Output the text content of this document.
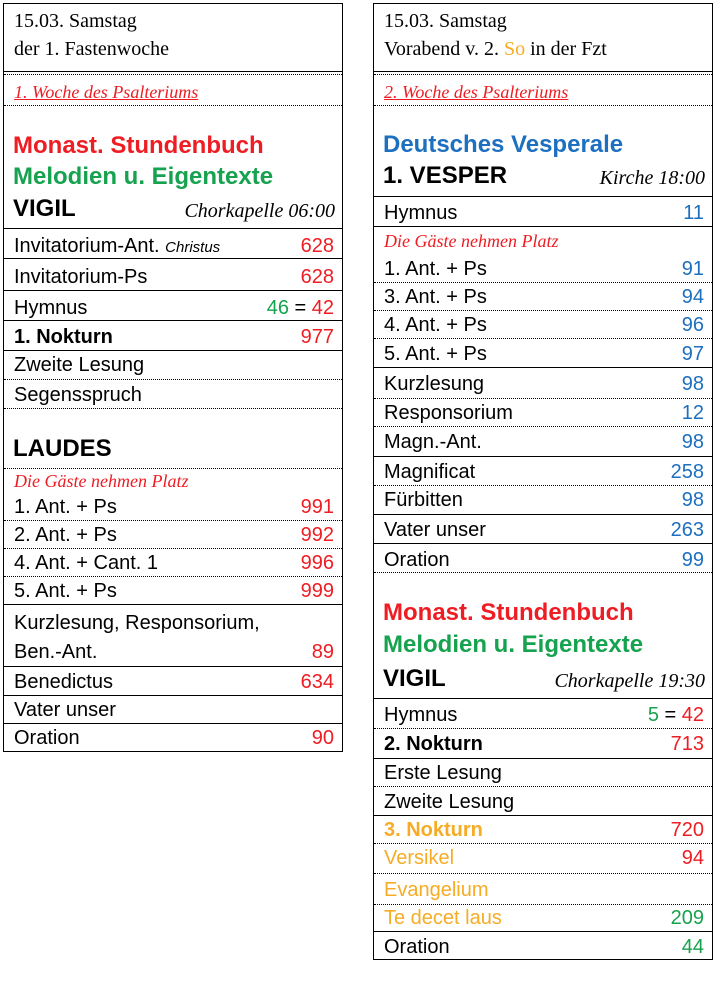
15.03. Samstag
der 1. Fastenwoche
1. Woche des Psalteriums
Monast. Stundenbuch
Melodien u. Eigentexte
VIGIL	Chorkapelle 06:00
Invitatorium-Ant. Christus	628
Invitatorium-Ps	628
Hymnus	46 = 42
1. Nokturn	977
Zweite Lesung
Segensspruch
LAUDES
Die Gäste nehmen Platz
1. Ant. + Ps	991
2. Ant. + Ps	992
4. Ant. + Cant. 1	996
5. Ant. + Ps	999
Kurzlesung, Responsorium,
Ben.-Ant.	89
Benedictus	634
Vater unser
Oration	90
15.03. Samstag
Vorabend v. 2. So in der Fzt
2. Woche des Psalteriums
Deutsches Vesperale
1. VESPER	Kirche 18:00
Hymnus	11
Die Gäste nehmen Platz
1. Ant. + Ps	91
3. Ant. + Ps	94
4. Ant. + Ps	96
5. Ant. + Ps	97
Kurzlesung	98
Responsorium	12
Magn.-Ant.	98
Magnificat	258
Fürbitten	98
Vater unser	263
Oration	99
Monast. Stundenbuch
Melodien u. Eigentexte
VIGIL	Chorkapelle 19:30
Hymnus	5 = 42
2. Nokturn	713
Erste Lesung
Zweite Lesung
3. Nokturn	720
Versikel	94
Evangelium
Te decet laus	209
Oration	44
